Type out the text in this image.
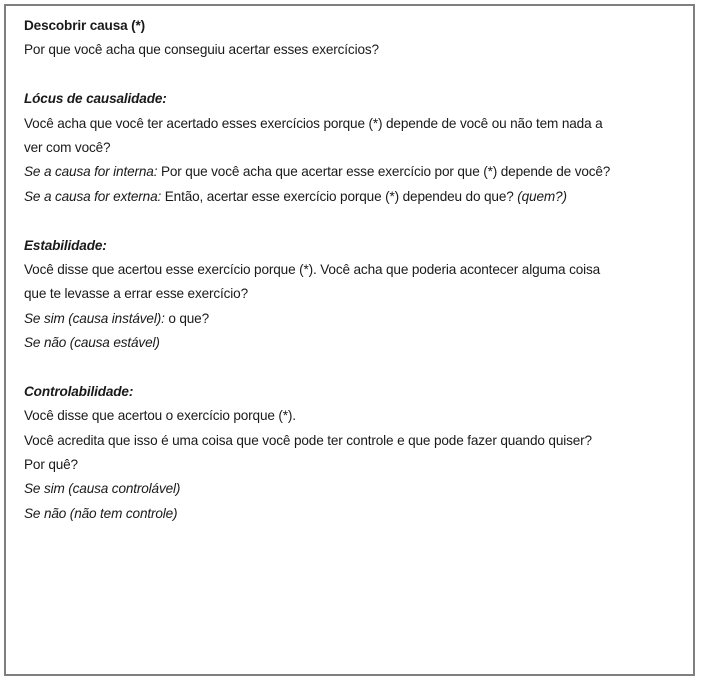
Descobrir causa (*)
Por que você acha que conseguiu acertar esses exercícios?
Lócus de causalidade:
Você acha que você ter acertado esses exercícios porque (*) depende de você ou não tem nada a
ver com você?
Se a causa for interna: Por que você acha que acertar esse exercício por que (*) depende de você?
Se a causa for externa: Então, acertar esse exercício porque (*) dependeu do que? (quem?)
Estabilidade:
Você disse que acertou esse exercício porque (*). Você acha que poderia acontecer alguma coisa
que te levasse a errar esse exercício?
Se sim (causa instável): o que?
Se não (causa estável)
Controlabilidade:
Você disse que acertou o exercício porque (*).
Você acredita que isso é uma coisa que você pode ter controle e que pode fazer quando quiser?
Por quê?
Se sim (causa controlável)
Se não (não tem controle)
